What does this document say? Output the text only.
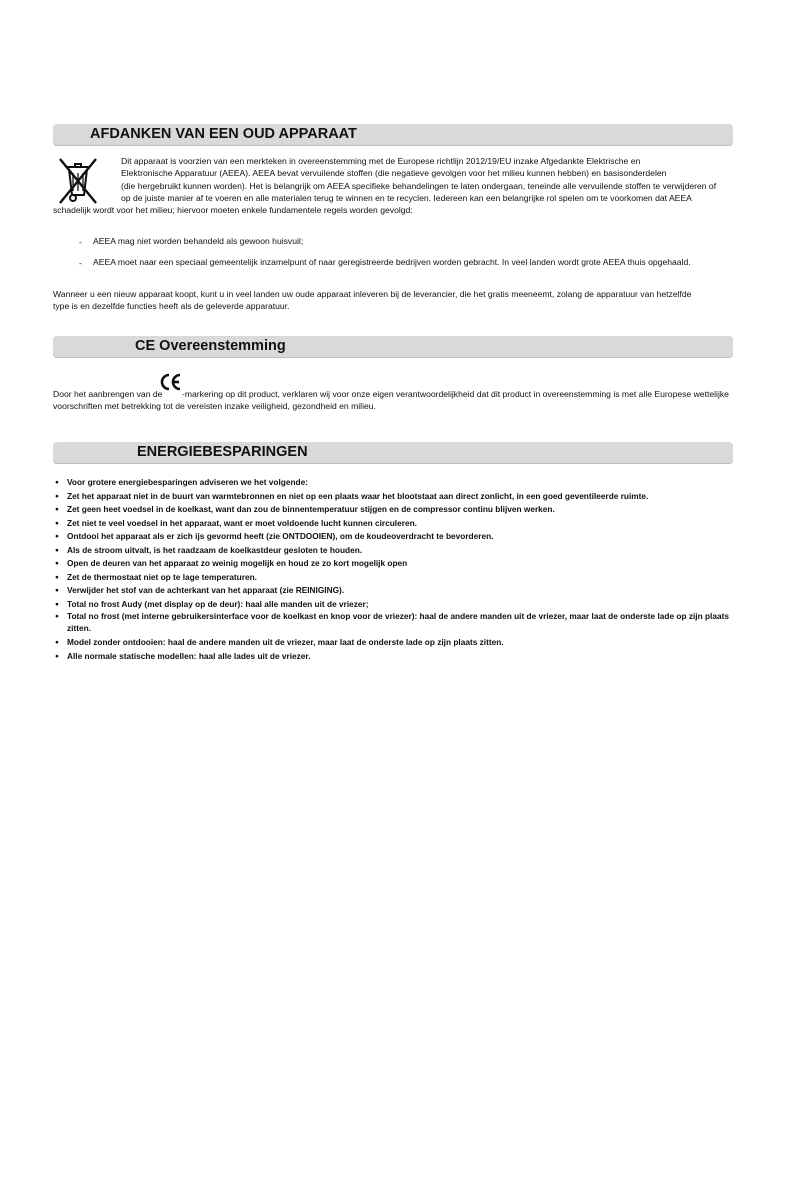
AFDANKEN VAN EEN OUD APPARAAT
Dit apparaat is voorzien van een merkteken in overeenstemming met de Europese richtlijn 2012/19/EU inzake Afgedankte Elektrische en
Elektronische Apparatuur (AEEA). AEEA bevat vervuilende stoffen (die negatieve gevolgen voor het milieu kunnen hebben) en basisonderdelen
(die hergebruikt kunnen worden). Het is belangrijk om AEEA specifieke behandelingen te laten ondergaan, teneinde alle vervuilende stoffen te verwijderen of
op de juiste manier af te voeren en alle materialen terug te winnen en te recyclen. Iedereen kan een belangrijke rol spelen om te voorkomen dat AEEA
schadelijk wordt voor het milieu; hiervoor moeten enkele fundamentele regels worden gevolgd:
- AEEA mag niet worden behandeld als gewoon huisvuil;
- AEEA moet naar een speciaal gemeentelijk inzamelpunt of naar geregistreerde bedrijven worden gebracht. In veel landen wordt grote AEEA thuis opgehaald.
Wanneer u een nieuw apparaat koopt, kunt u in veel landen uw oude apparaat inleveren bij de leverancier, die het gratis meeneemt, zolang de apparatuur van hetzelfde type is en dezelfde functies heeft als de geleverde apparatuur.
CE Overeenstemming
Door het aanbrengen van de -markering op dit product, verklaren wij voor onze eigen verantwoordelijkheid dat dit product in overeenstemming is met alle Europese wettelijke
voorschriften met betrekking tot de vereisten inzake veiligheid, gezondheid en milieu.
ENERGIEBESPARINGEN
● Voor grotere energiebesparingen adviseren we het volgende:
● Zet het apparaat niet in de buurt van warmtebronnen en niet op een plaats waar het blootstaat aan direct zonlicht, in een goed geventileerde ruimte.
● Zet geen heet voedsel in de koelkast, want dan zou de binnentemperatuur stijgen en de compressor continu blijven werken.
● Zet niet te veel voedsel in het apparaat, want er moet voldoende lucht kunnen circuleren.
● Ontdooi het apparaat als er zich ijs gevormd heeft (zie ONTDOOIEN), om de koudeoverdracht te bevorderen.
● Als de stroom uitvalt, is het raadzaam de koelkastdeur gesloten te houden.
● Open de deuren van het apparaat zo weinig mogelijk en houd ze zo kort mogelijk open
● Zet de thermostaat niet op te lage temperaturen.
● Verwijder het stof van de achterkant van het apparaat (zie REINIGING).
● Total no frost Audy (met display op de deur): haal alle manden uit de vriezer;
● Total no frost (met interne gebruikersinterface voor de koelkast en knop voor de vriezer): haal de andere manden uit de vriezer, maar laat de onderste lade op zijn plaats zitten.
● Model zonder ontdooien: haal de andere manden uit de vriezer, maar laat de onderste lade op zijn plaats zitten.
● Alle normale statische modellen: haal alle lades uit de vriezer.
